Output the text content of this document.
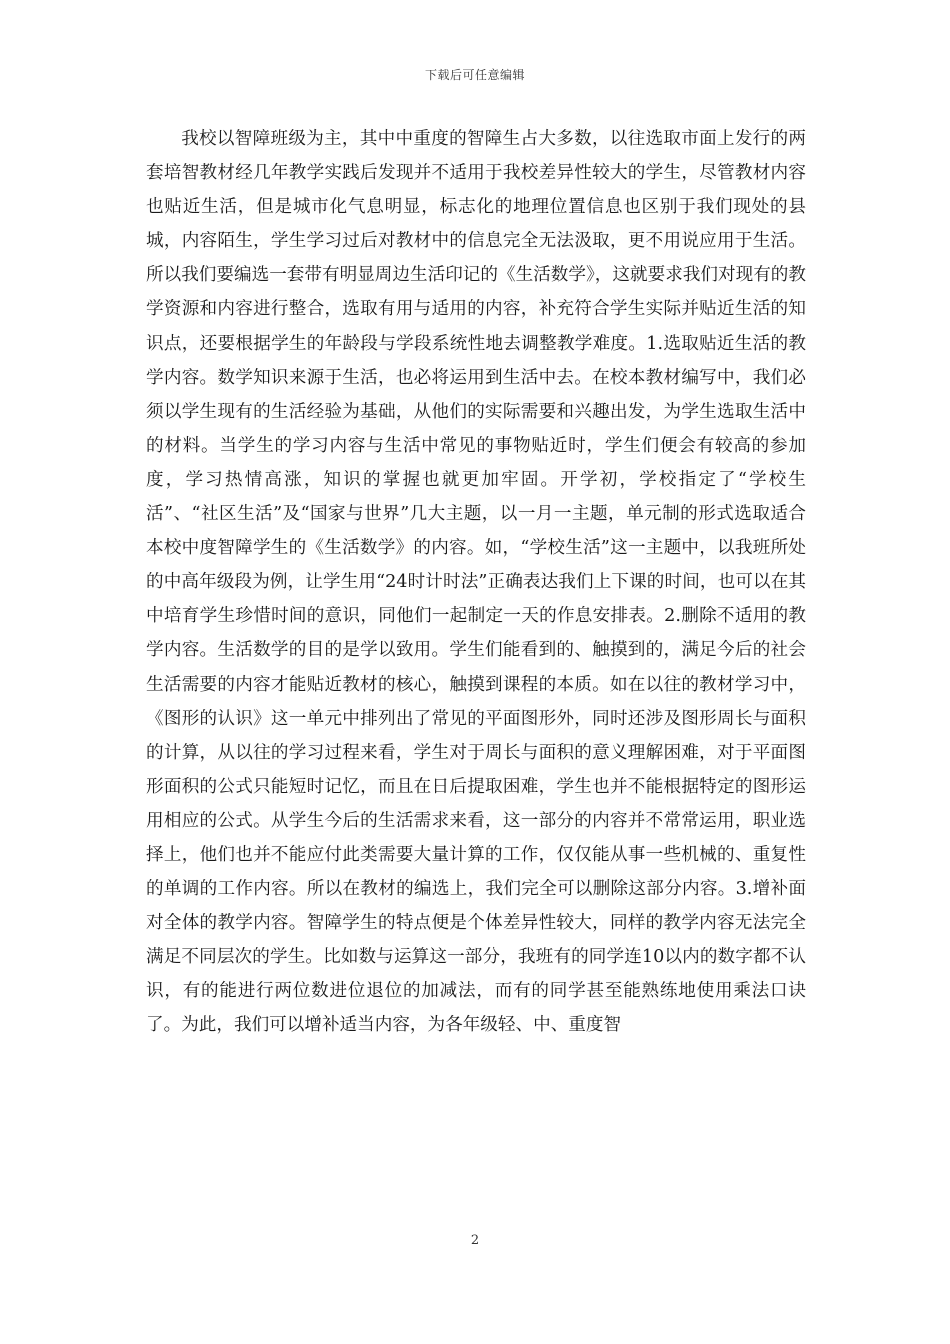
下载后可任意编辑

我校以智障班级为主，其中中重度的智障生占大多数，以往选取市面上发行的两套培智教材经几年教学实践后发现并不适用于我校差异性较大的学生，尽管教材内容也贴近生活，但是城市化气息明显，标志化的地理位置信息也区别于我们现处的县城，内容陌生，学生学习过后对教材中的信息完全无法汲取，更不用说应用于生活。所以我们要编选一套带有明显周边生活印记的《生活数学》，这就要求我们对现有的教学资源和内容进行整合，选取有用与适用的内容，补充符合学生实际并贴近生活的知识点，还要根据学生的年龄段与学段系统性地去调整教学难度。1.选取贴近生活的教学内容。数学知识来源于生活，也必将运用到生活中去。在校本教材编写中，我们必须以学生现有的生活经验为基础，从他们的实际需要和兴趣出发，为学生选取生活中的材料。当学生的学习内容与生活中常见的事物贴近时，学生们便会有较高的参加度，学习热情高涨，知识的掌握也就更加牢固。开学初，学校指定了“学校生活”、“社区生活”及“国家与世界”几大主题，以一月一主题，单元制的形式选取适合本校中度智障学生的《生活数学》的内容。如，“学校生活”这一主题中，以我班所处的中高年级段为例，让学生用“24时计时法”正确表达我们上下课的时间，也可以在其中培育学生珍惜时间的意识，同他们一起制定一天的作息安排表。2.删除不适用的教学内容。生活数学的目的是学以致用。学生们能看到的、触摸到的，满足今后的社会生活需要的内容才能贴近教材的核心，触摸到课程的本质。如在以往的教材学习中，《图形的认识》这一单元中排列出了常见的平面图形外，同时还涉及图形周长与面积的计算，从以往的学习过程来看，学生对于周长与面积的意义理解困难，对于平面图形面积的公式只能短时记忆，而且在日后提取困难，学生也并不能根据特定的图形运用相应的公式。从学生今后的生活需求来看，这一部分的内容并不常常运用，职业选择上，他们也并不能应付此类需要大量计算的工作，仅仅能从事一些机械的、重复性的单调的工作内容。所以在教材的编选上，我们完全可以删除这部分内容。3.增补面对全体的教学内容。智障学生的特点便是个体差异性较大，同样的教学内容无法完全满足不同层次的学生。比如数与运算这一部分，我班有的同学连10以内的数字都不认识，有的能进行两位数进位退位的加减法，而有的同学甚至能熟练地使用乘法口诀了。为此，我们可以增补适当内容，为各年级轻、中、重度智

2
